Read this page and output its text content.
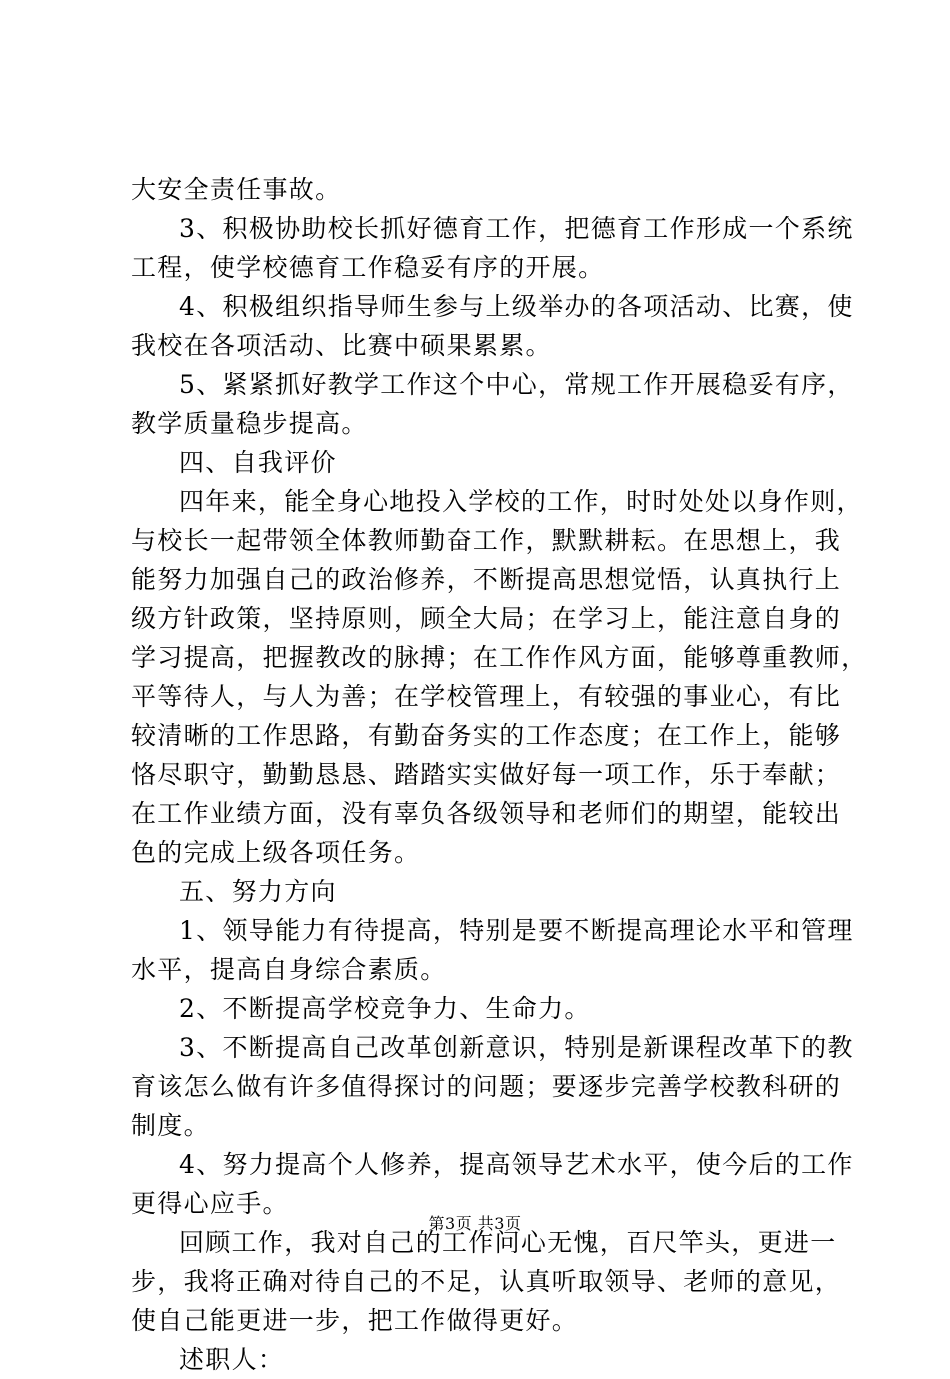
大安全责任事故。
3、积极协助校长抓好德育工作，把德育工作形成一个系统
工程，使学校德育工作稳妥有序的开展。
4、积极组织指导师生参与上级举办的各项活动、比赛，使
我校在各项活动、比赛中硕果累累。
5、紧紧抓好教学工作这个中心，常规工作开展稳妥有序，
教学质量稳步提高。
四、自我评价
四年来，能全身心地投入学校的工作，时时处处以身作则，
与校长一起带领全体教师勤奋工作，默默耕耘。在思想上，我
能努力加强自己的政治修养，不断提高思想觉悟，认真执行上
级方针政策，坚持原则，顾全大局；在学习上，能注意自身的
学习提高，把握教改的脉搏；在工作作风方面，能够尊重教师，
平等待人，与人为善；在学校管理上，有较强的事业心，有比
较清晰的工作思路，有勤奋务实的工作态度；在工作上，能够
恪尽职守，勤勤恳恳、踏踏实实做好每一项工作，乐于奉献；
在工作业绩方面，没有辜负各级领导和老师们的期望，能较出
色的完成上级各项任务。
五、努力方向
1、领导能力有待提高，特别是要不断提高理论水平和管理
水平，提高自身综合素质。
2、不断提高学校竞争力、生命力。
3、不断提高自己改革创新意识，特别是新课程改革下的教
育该怎么做有许多值得探讨的问题；要逐步完善学校教科研的
制度。
4、努力提高个人修养，提高领导艺术水平，使今后的工作
更得心应手。
回顾工作，我对自己的工作问心无愧，百尺竿头，更进一
步，我将正确对待自己的不足，认真听取领导、老师的意见，
使自己能更进一步，把工作做得更好。
述职人：
第3页 共3页
